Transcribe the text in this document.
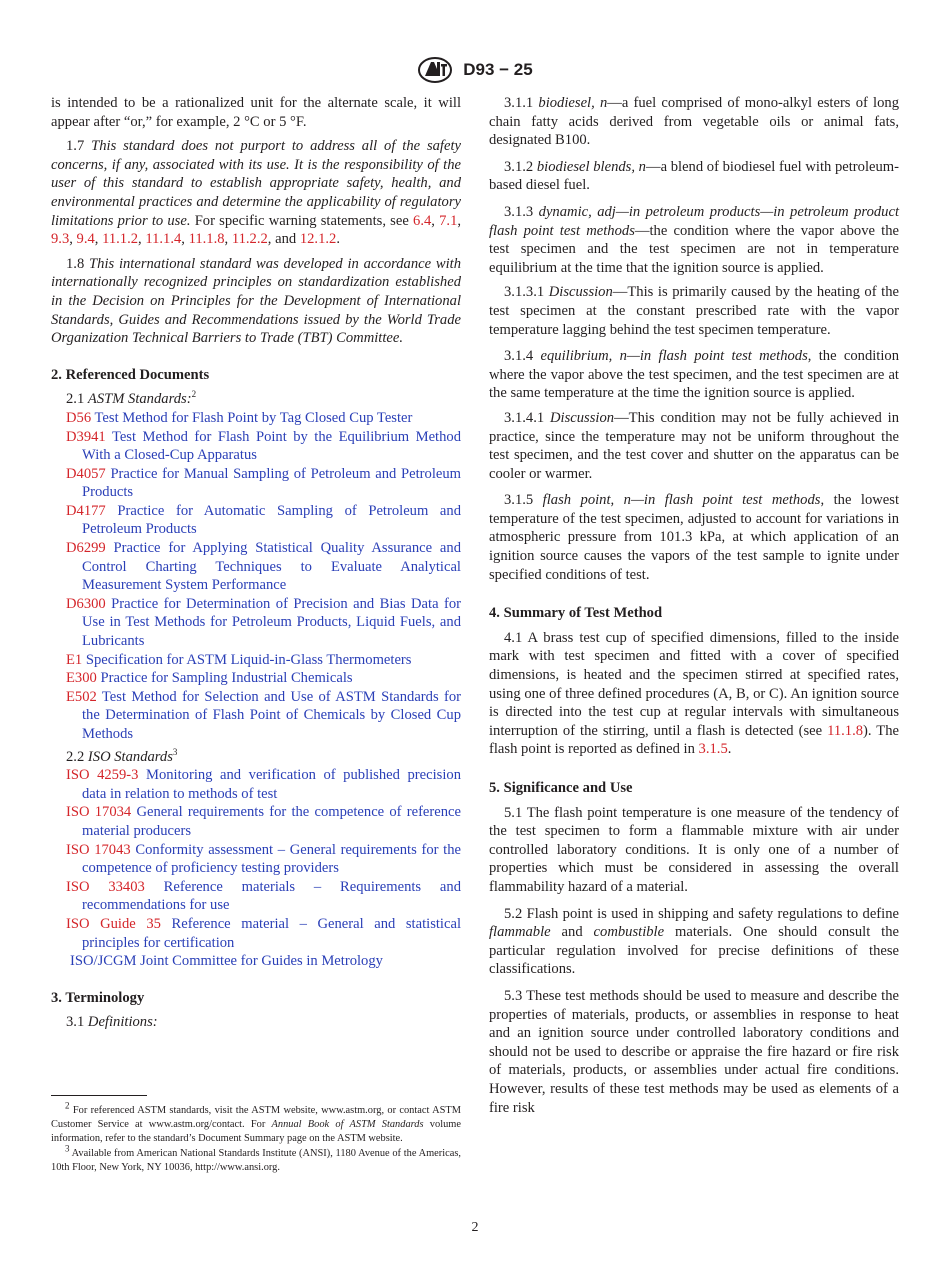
D93 − 25

is intended to be a rationalized unit for the alternate scale, it will appear after “or,” for example, 2 °C or 5 °F.

1.7 This standard does not purport to address all of the safety concerns, if any, associated with its use. It is the responsibility of the user of this standard to establish appropriate safety, health, and environmental practices and determine the applicability of regulatory limitations prior to use. For specific warning statements, see 6.4, 7.1, 9.3, 9.4, 11.1.2, 11.1.4, 11.1.8, 11.2.2, and 12.1.2.

1.8 This international standard was developed in accordance with internationally recognized principles on standardization established in the Decision on Principles for the Development of International Standards, Guides and Recommendations issued by the World Trade Organization Technical Barriers to Trade (TBT) Committee.

2. Referenced Documents

2.1 ASTM Standards:$^2$

D56 Test Method for Flash Point by Tag Closed Cup Tester
D3941 Test Method for Flash Point by the Equilibrium Method With a Closed-Cup Apparatus
D4057 Practice for Manual Sampling of Petroleum and Petroleum Products
D4177 Practice for Automatic Sampling of Petroleum and Petroleum Products
D6299 Practice for Applying Statistical Quality Assurance and Control Charting Techniques to Evaluate Analytical Measurement System Performance
D6300 Practice for Determination of Precision and Bias Data for Use in Test Methods for Petroleum Products, Liquid Fuels, and Lubricants
E1 Specification for ASTM Liquid-in-Glass Thermometers
E300 Practice for Sampling Industrial Chemicals
E502 Test Method for Selection and Use of ASTM Standards for the Determination of Flash Point of Chemicals by Closed Cup Methods

2.2 ISO Standards$^3$

ISO 4259-3 Monitoring and verification of published precision data in relation to methods of test
ISO 17034 General requirements for the competence of reference material producers
ISO 17043 Conformity assessment – General requirements for the competence of proficiency testing providers
ISO 33403 Reference materials – Requirements and recommendations for use
ISO Guide 35 Reference material – General and statistical principles for certification
ISO/JCGM Joint Committee for Guides in Metrology
3. Terminology

3.1 Definitions:

$^2$ For referenced ASTM standards, visit the ASTM website, www.astm.org, or contact ASTM Customer Service at www.astm.org/contact. For Annual Book of ASTM Standards volume information, refer to the standard’s Document Summary page on the ASTM website.

$^3$ Available from American National Standards Institute (ANSI), 1180 Avenue of the Americas, 10th Floor, New York, NY 10036, http://www.ansi.org.

3.1.1 biodiesel, n—a fuel comprised of mono-alkyl esters of long chain fatty acids derived from vegetable oils or animal fats, designated B100.

3.1.2 biodiesel blends, n—a blend of biodiesel fuel with petroleum-based diesel fuel.

3.1.3 dynamic, adj—in petroleum products—in petroleum product flash point test methods—the condition where the vapor above the test specimen and the test specimen are not in temperature equilibrium at the time that the ignition source is applied.

3.1.3.1 Discussion—This is primarily caused by the heating of the test specimen at the constant prescribed rate with the vapor temperature lagging behind the test specimen temperature.

3.1.4 equilibrium, n—in flash point test methods, the condition where the vapor above the test specimen, and the test specimen are at the same temperature at the time the ignition source is applied.

3.1.4.1 Discussion—This condition may not be fully achieved in practice, since the temperature may not be uniform throughout the test specimen, and the test cover and shutter on the apparatus can be cooler or warmer.

3.1.5 flash point, n—in flash point test methods, the lowest temperature of the test specimen, adjusted to account for variations in atmospheric pressure from 101.3 kPa, at which application of an ignition source causes the vapors of the test sample to ignite under specified conditions of test.

4. Summary of Test Method

4.1 A brass test cup of specified dimensions, filled to the inside mark with test specimen and fitted with a cover of specified dimensions, is heated and the specimen stirred at specified rates, using one of three defined procedures (A, B, or C). An ignition source is directed into the test cup at regular intervals with simultaneous interruption of the stirring, until a flash is detected (see 11.1.8). The flash point is reported as defined in 3.1.5.

5. Significance and Use

5.1 The flash point temperature is one measure of the tendency of the test specimen to form a flammable mixture with air under controlled laboratory conditions. It is only one of a number of properties which must be considered in assessing the overall flammability hazard of a material.

5.2 Flash point is used in shipping and safety regulations to define flammable and combustible materials. One should consult the particular regulation involved for precise definitions of these classifications.

5.3 These test methods should be used to measure and describe the properties of materials, products, or assemblies in response to heat and an ignition source under controlled laboratory conditions and should not be used to describe or appraise the fire hazard or fire risk of materials, products, or assemblies under actual fire conditions. However, results of these test methods may be used as elements of a fire risk

2
